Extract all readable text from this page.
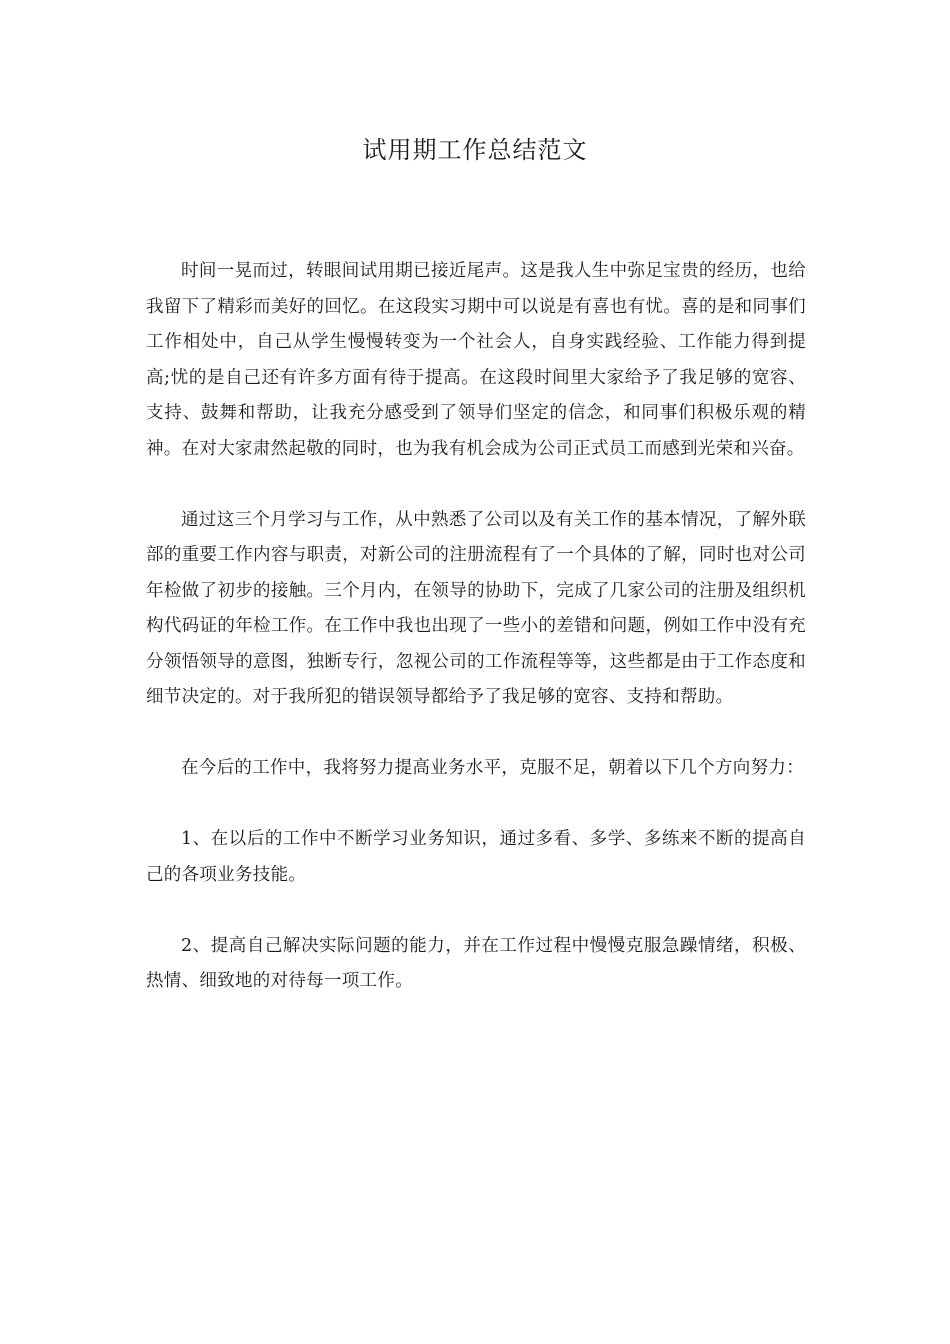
试用期工作总结范文

时间一晃而过，转眼间试用期已接近尾声。这是我人生中弥足宝贵的经历，也给我留下了精彩而美好的回忆。在这段实习期中可以说是有喜也有忧。喜的是和同事们工作相处中，自己从学生慢慢转变为一个社会人，自身实践经验、工作能力得到提高;忧的是自己还有许多方面有待于提高。在这段时间里大家给予了我足够的宽容、支持、鼓舞和帮助，让我充分感受到了领导们坚定的信念，和同事们积极乐观的精神。在对大家肃然起敬的同时，也为我有机会成为公司正式员工而感到光荣和兴奋。

通过这三个月学习与工作，从中熟悉了公司以及有关工作的基本情况，了解外联部的重要工作内容与职责，对新公司的注册流程有了一个具体的了解，同时也对公司年检做了初步的接触。三个月内，在领导的协助下，完成了几家公司的注册及组织机构代码证的年检工作。在工作中我也出现了一些小的差错和问题，例如工作中没有充分领悟领导的意图，独断专行，忽视公司的工作流程等等，这些都是由于工作态度和细节决定的。对于我所犯的错误领导都给予了我足够的宽容、支持和帮助。

在今后的工作中，我将努力提高业务水平，克服不足，朝着以下几个方向努力：

1、在以后的工作中不断学习业务知识，通过多看、多学、多练来不断的提高自己的各项业务技能。

2、提高自己解决实际问题的能力，并在工作过程中慢慢克服急躁情绪，积极、热情、细致地的对待每一项工作。
